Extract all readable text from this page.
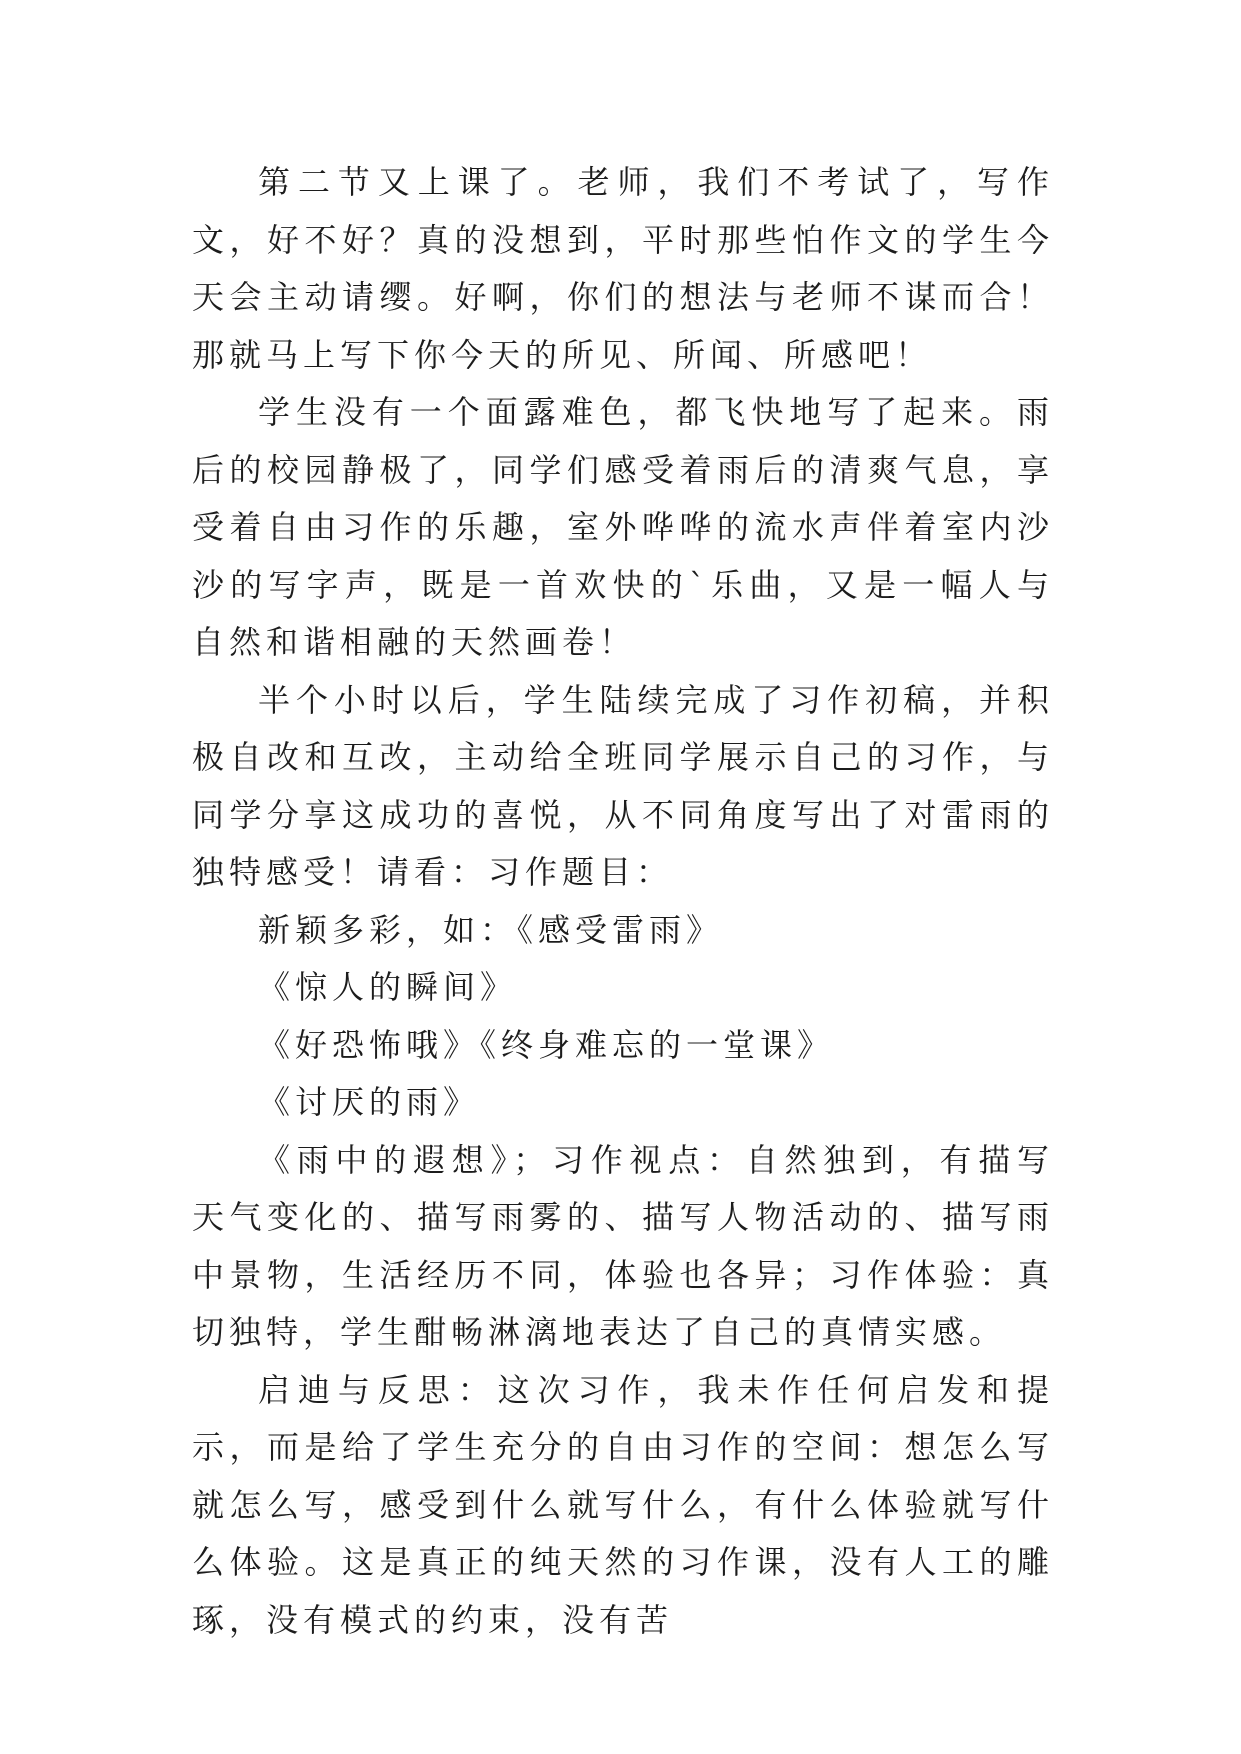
第二节又上课了。老师，我们不考试了，写作文，好不好？真的没想到，平时那些怕作文的学生今天会主动请缨。好啊，你们的想法与老师不谋而合！那就马上写下你今天的所见、所闻、所感吧！

学生没有一个面露难色，都飞快地写了起来。雨后的校园静极了，同学们感受着雨后的清爽气息，享受着自由习作的乐趣，室外哗哗的流水声伴着室内沙沙的写字声，既是一首欢快的`乐曲，又是一幅人与自然和谐相融的天然画卷！

半个小时以后，学生陆续完成了习作初稿，并积极自改和互改，主动给全班同学展示自己的习作，与同学分享这成功的喜悦，从不同角度写出了对雷雨的独特感受！请看：习作题目：

新颖多彩，如：《感受雷雨》

《惊人的瞬间》

《好恐怖哦》《终身难忘的一堂课》

《讨厌的雨》

《雨中的遐想》；习作视点：自然独到，有描写天气变化的、描写雨雾的、描写人物活动的、描写雨中景物，生活经历不同，体验也各异；习作体验：真切独特，学生酣畅淋漓地表达了自己的真情实感。

启迪与反思：这次习作，我未作任何启发和提示，而是给了学生充分的自由习作的空间：想怎么写就怎么写，感受到什么就写什么，有什么体验就写什么体验。这是真正的纯天然的习作课，没有人工的雕琢，没有模式的约束，没有苦
